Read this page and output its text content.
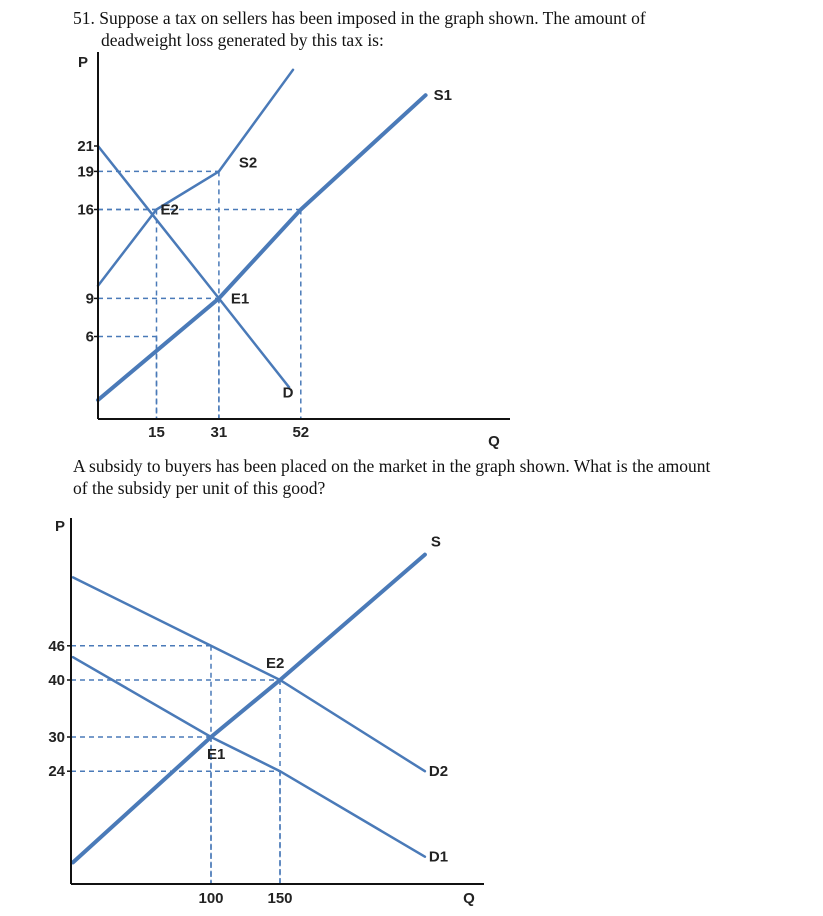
51. Suppose a tax on sellers has been imposed in the graph shown. The amount of
deadweight loss generated by this tax is:

D
S1
S2
E1
E2
6
9
16
19
21
15	31	52
P
Q

A subsidy to buyers has been placed on the market in the graph shown. What is the amount
of the subsidy per unit of this good?

S
D1
D2
E1
E2
24
30
40
46
100	150
P
Q
